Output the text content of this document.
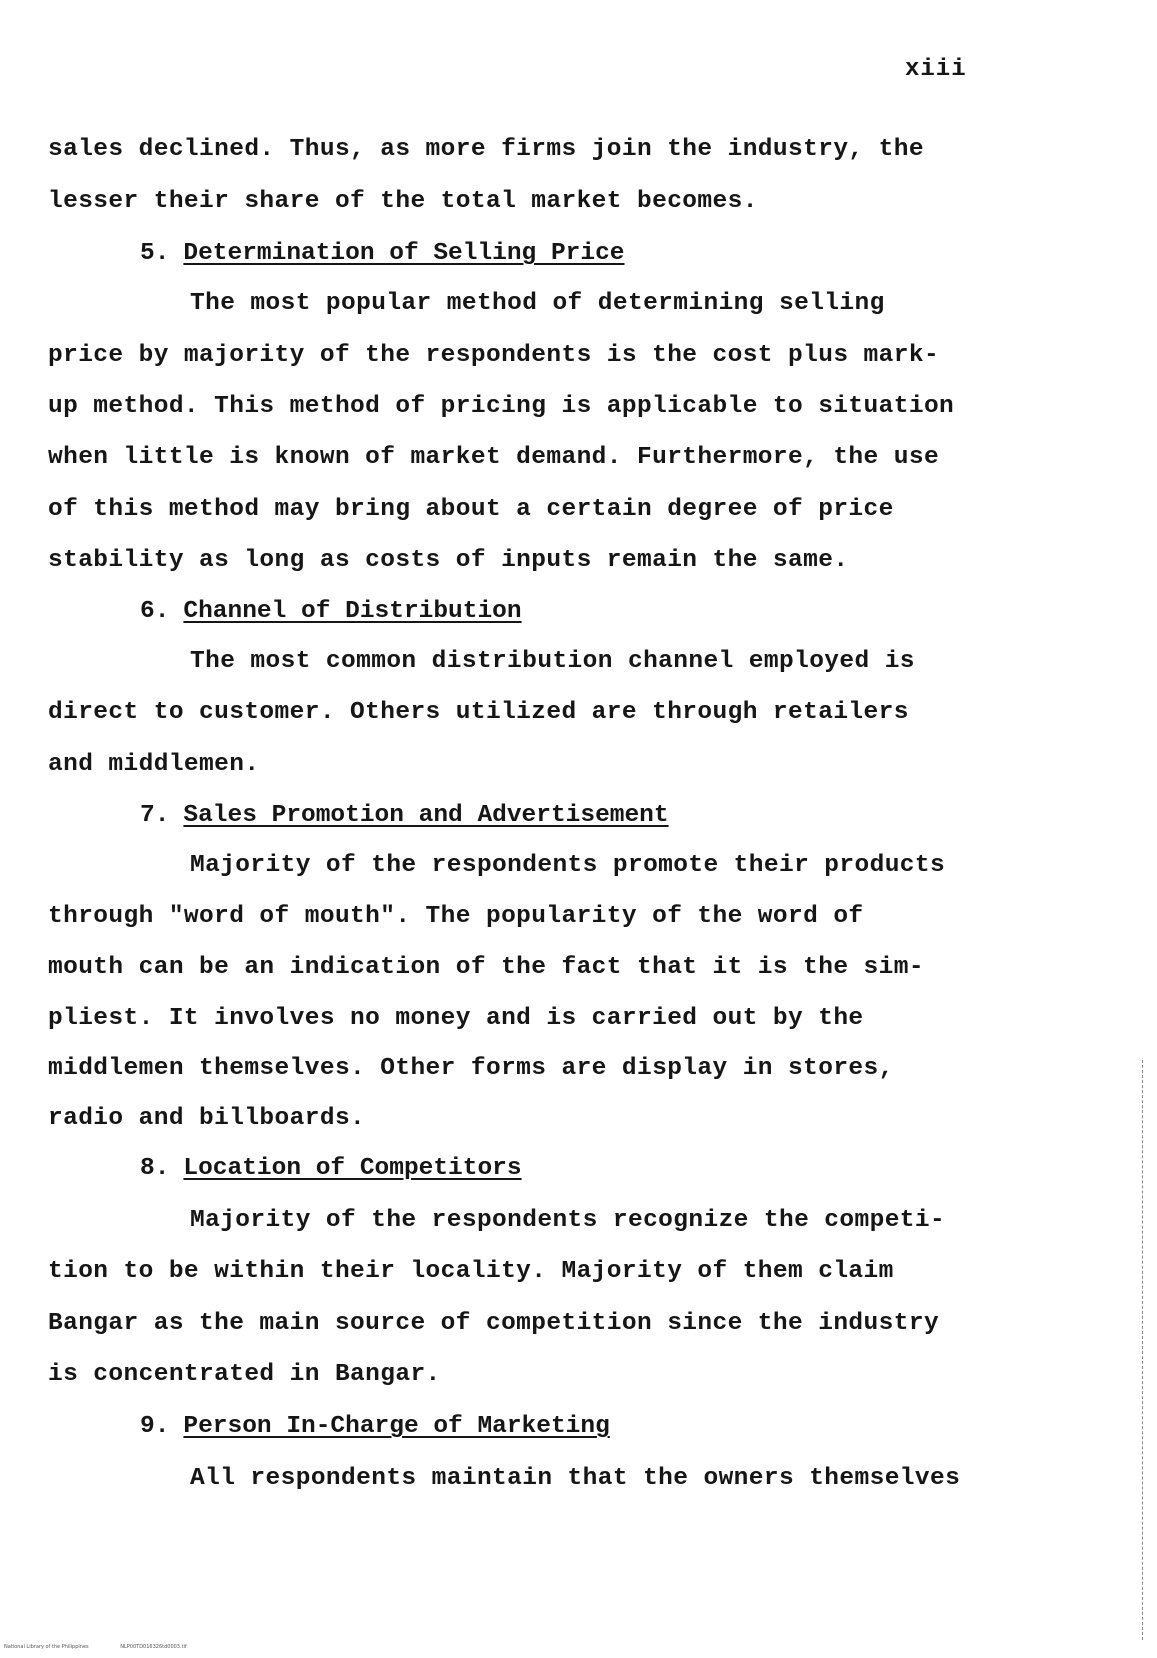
xiii
sales declined. Thus, as more firms join the industry, the
lesser their share of the total market becomes.
5. Determination of Selling Price
The most popular method of determining selling
price by majority of the respondents is the cost plus mark-
up method. This method of pricing is applicable to situation
when little is known of market demand. Furthermore, the use
of this method may bring about a certain degree of price
stability as long as costs of inputs remain the same.
6. Channel of Distribution
The most common distribution channel employed is
direct to customer. Others utilized are through retailers
and middlemen.
7. Sales Promotion and Advertisement
Majority of the respondents promote their products
through "word of mouth". The popularity of the word of
mouth can be an indication of the fact that it is the sim-
pliest. It involves no money and is carried out by the
middlemen themselves. Other forms are display in stores,
radio and billboards.
8. Location of Competitors
Majority of the respondents recognize the competi-
tion to be within their locality. Majority of them claim
Bangar as the main source of competition since the industry
is concentrated in Bangar.
9. Person In-Charge of Marketing
All respondents maintain that the owners themselves
National Library of the Philippines	NLP00TD016326td0003.tif
